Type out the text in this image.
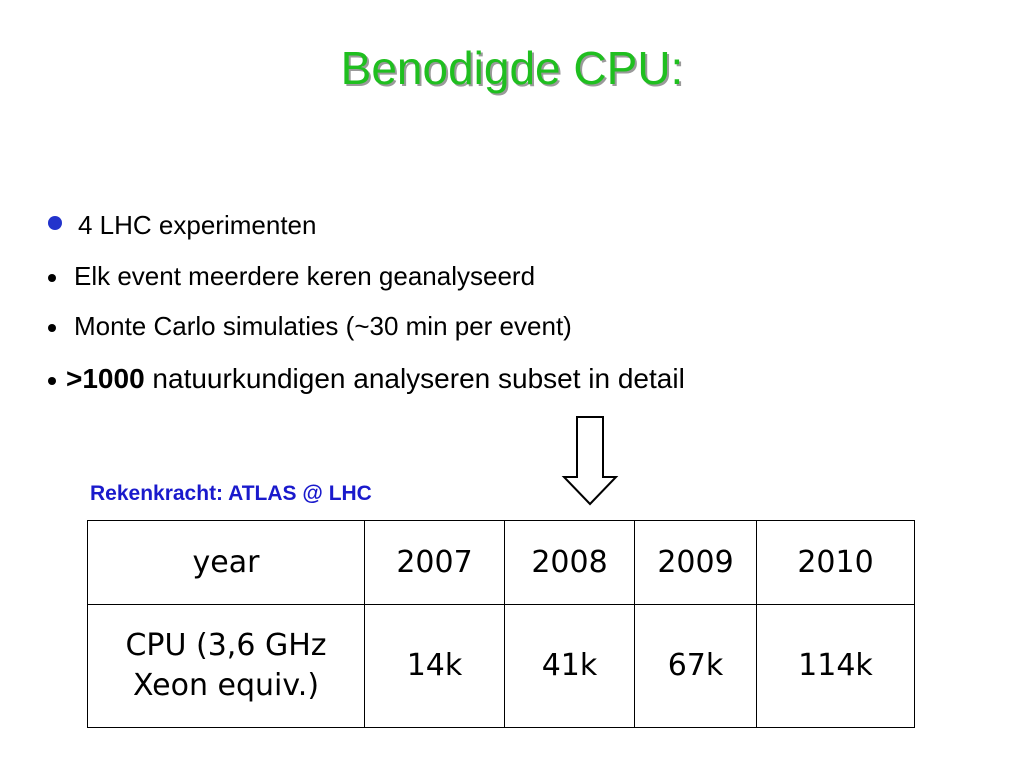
Benodigde CPU:
4 LHC experimenten
Elk event meerdere keren geanalyseerd
Monte Carlo simulaties (~30 min per event)
>1000 natuurkundigen analyseren subset in detail
Rekenkracht: ATLAS @ LHC
year	2007	2008	2009	2010

CPU (3,6 GHz
Xeon equiv.)	14k	41k	67k	114k
